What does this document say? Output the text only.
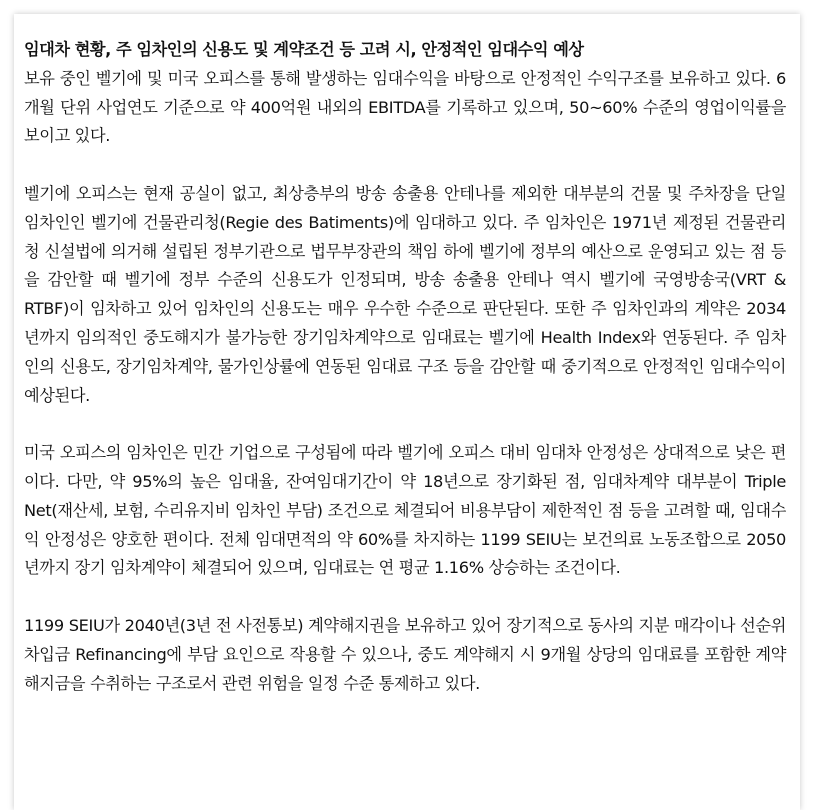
임대차 현황, 주 임차인의 신용도 및 계약조건 등 고려 시, 안정적인 임대수익 예상

보유 중인 벨기에 및 미국 오피스를 통해 발생하는 임대수익을 바탕으로 안정적인 수익구조를 보유하고 있다. 6개월 단위 사업연도 기준으로 약 400억원 내외의 EBITDA를 기록하고 있으며, 50~60% 수준의 영업이익률을 보이고 있다.

벨기에 오피스는 현재 공실이 없고, 최상층부의 방송 송출용 안테나를 제외한 대부분의 건물 및 주차장을 단일 임차인인 벨기에 건물관리청(Regie des Batiments)에 임대하고 있다. 주 임차인은 1971년 제정된 건물관리청 신설법에 의거해 설립된 정부기관으로 법무부장관의 책임 하에 벨기에 정부의 예산으로 운영되고 있는 점 등을 감안할 때 벨기에 정부 수준의 신용도가 인정되며, 방송 송출용 안테나 역시 벨기에 국영방송국(VRT & RTBF)이 임차하고 있어 임차인의 신용도는 매우 우수한 수준으로 판단된다. 또한 주 임차인과의 계약은 2034년까지 임의적인 중도해지가 불가능한 장기임차계약으로 임대료는 벨기에 Health Index와 연동된다. 주 임차인의 신용도, 장기임차계약, 물가인상률에 연동된 임대료 구조 등을 감안할 때 중기적으로 안정적인 임대수익이 예상된다.

미국 오피스의 임차인은 민간 기업으로 구성됨에 따라 벨기에 오피스 대비 임대차 안정성은 상대적으로 낮은 편이다. 다만, 약 95%의 높은 임대율, 잔여임대기간이 약 18년으로 장기화된 점, 임대차계약 대부분이 Triple Net(재산세, 보험, 수리유지비 임차인 부담) 조건으로 체결되어 비용부담이 제한적인 점 등을 고려할 때, 임대수익 안정성은 양호한 편이다. 전체 임대면적의 약 60%를 차지하는 1199 SEIU는 보건의료 노동조합으로 2050년까지 장기 임차계약이 체결되어 있으며, 임대료는 연 평균 1.16% 상승하는 조건이다.

1199 SEIU가 2040년(3년 전 사전통보) 계약해지권을 보유하고 있어 장기적으로 동사의 지분 매각이나 선순위 차입금 Refinancing에 부담 요인으로 작용할 수 있으나, 중도 계약해지 시 9개월 상당의 임대료를 포함한 계약해지금을 수취하는 구조로서 관련 위험을 일정 수준 통제하고 있다.
